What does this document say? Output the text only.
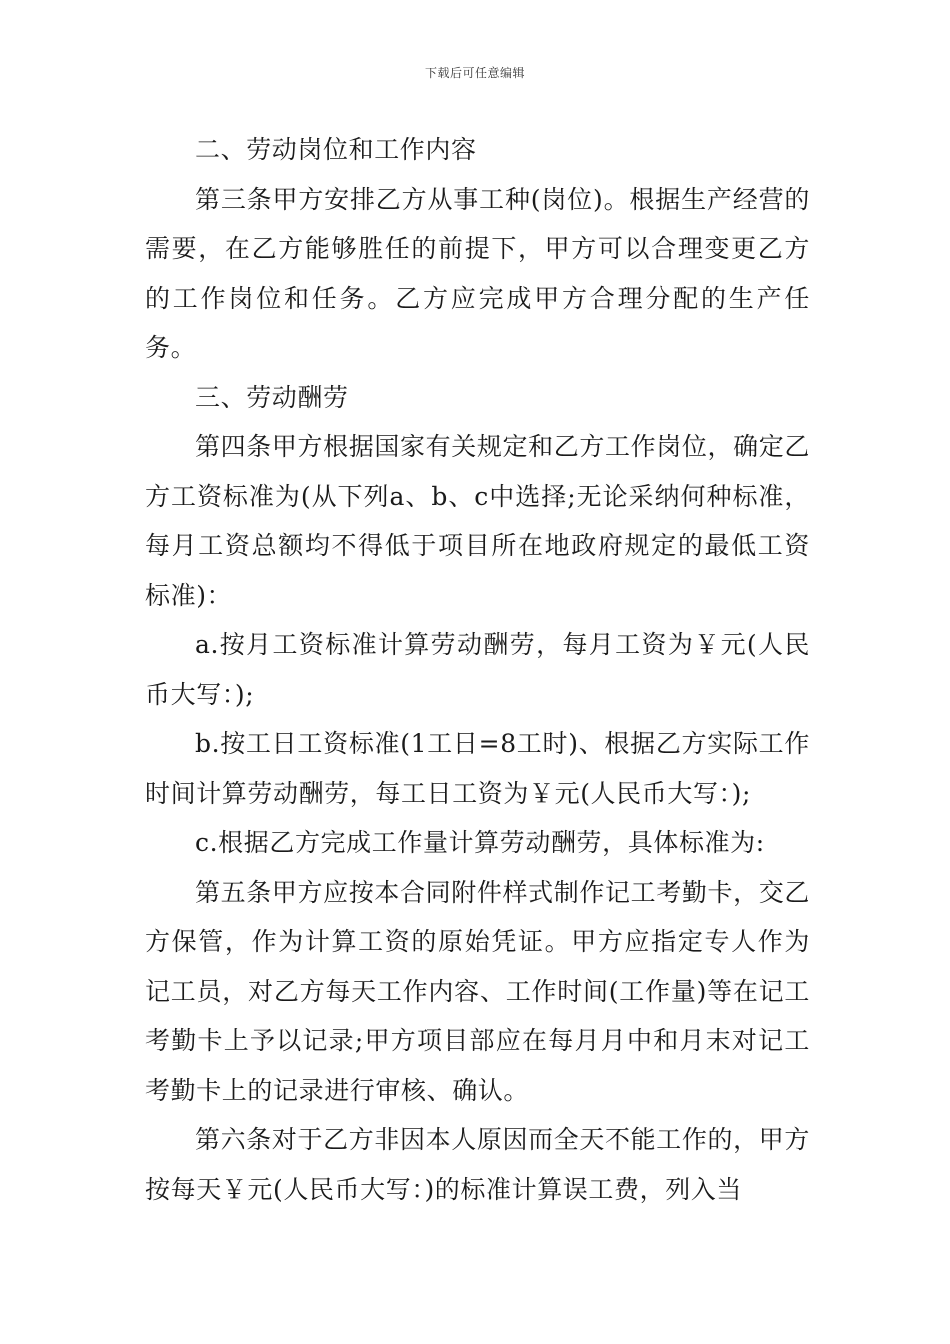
下载后可任意编辑

二、劳动岗位和工作内容

第三条甲方安排乙方从事工种(岗位)。根据生产经营的需要，在乙方能够胜任的前提下，甲方可以合理变更乙方的工作岗位和任务。乙方应完成甲方合理分配的生产任务。

三、劳动酬劳

第四条甲方根据国家有关规定和乙方工作岗位，确定乙方工资标准为(从下列a、b、c中选择;无论采纳何种标准，每月工资总额均不得低于项目所在地政府规定的最低工资标准)：

a.按月工资标准计算劳动酬劳，每月工资为￥元(人民币大写：);

b.按工日工资标准(1工日=8工时)、根据乙方实际工作时间计算劳动酬劳，每工日工资为￥元(人民币大写：);

c.根据乙方完成工作量计算劳动酬劳，具体标准为:

第五条甲方应按本合同附件样式制作记工考勤卡，交乙方保管，作为计算工资的原始凭证。甲方应指定专人作为记工员，对乙方每天工作内容、工作时间(工作量)等在记工考勤卡上予以记录;甲方项目部应在每月月中和月末对记工考勤卡上的记录进行审核、确认。

第六条对于乙方非因本人原因而全天不能工作的，甲方按每天￥元(人民币大写：)的标准计算误工费，列入当
